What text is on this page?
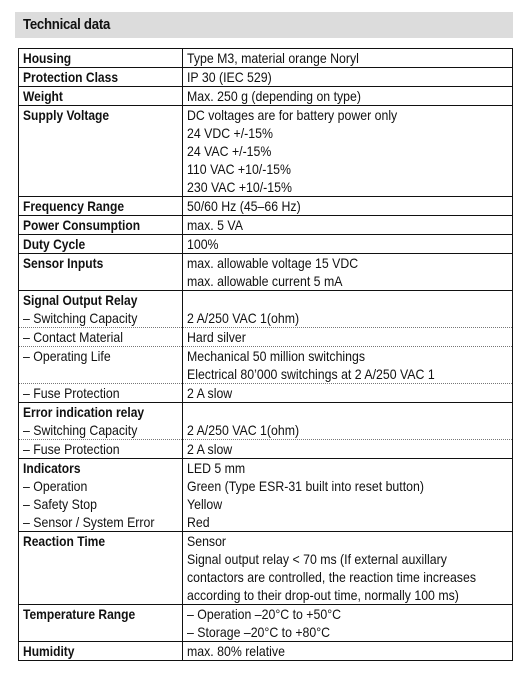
Technical data
Housing	Type M3, material orange Noryl

Protection Class	IP 30 (IEC 529)

Weight	Max. 250 g (depending on type)

Supply Voltage	DC voltages are for battery power only
24 VDC +/-15%
24 VAC +/-15%
110 VAC +10/-15%
230 VAC +10/-15%

Frequency Range	50/60 Hz (45–66 Hz)

Power Consumption	max. 5 VA

Duty Cycle	100%

Sensor Inputs	max. allowable voltage 15 VDC
max. allowable current 5 mA

Signal Output Relay	

– Switching Capacity	2 A/250 VAC 1(ohm)

– Contact Material	Hard silver

– Operating Life	Mechanical 50 million switchings
Electrical 80’000 switchings at 2 A/250 VAC 1

– Fuse Protection	2 A slow

Error indication relay	

– Switching Capacity	2 A/250 VAC 1(ohm)

– Fuse Protection	2 A slow

Indicators	LED 5 mm

– Operation	Green (Type ESR-31 built into reset button)

– Safety Stop	Yellow

– Sensor / System Error	Red

Reaction Time	Sensor
Signal output relay < 70 ms (If external auxillary
contactors are controlled, the reaction time increases
according to their drop-out time, normally 100 ms)

Temperature Range	– Operation –20°C to +50°C
– Storage –20°C to +80°C

Humidity	max. 80% relative
